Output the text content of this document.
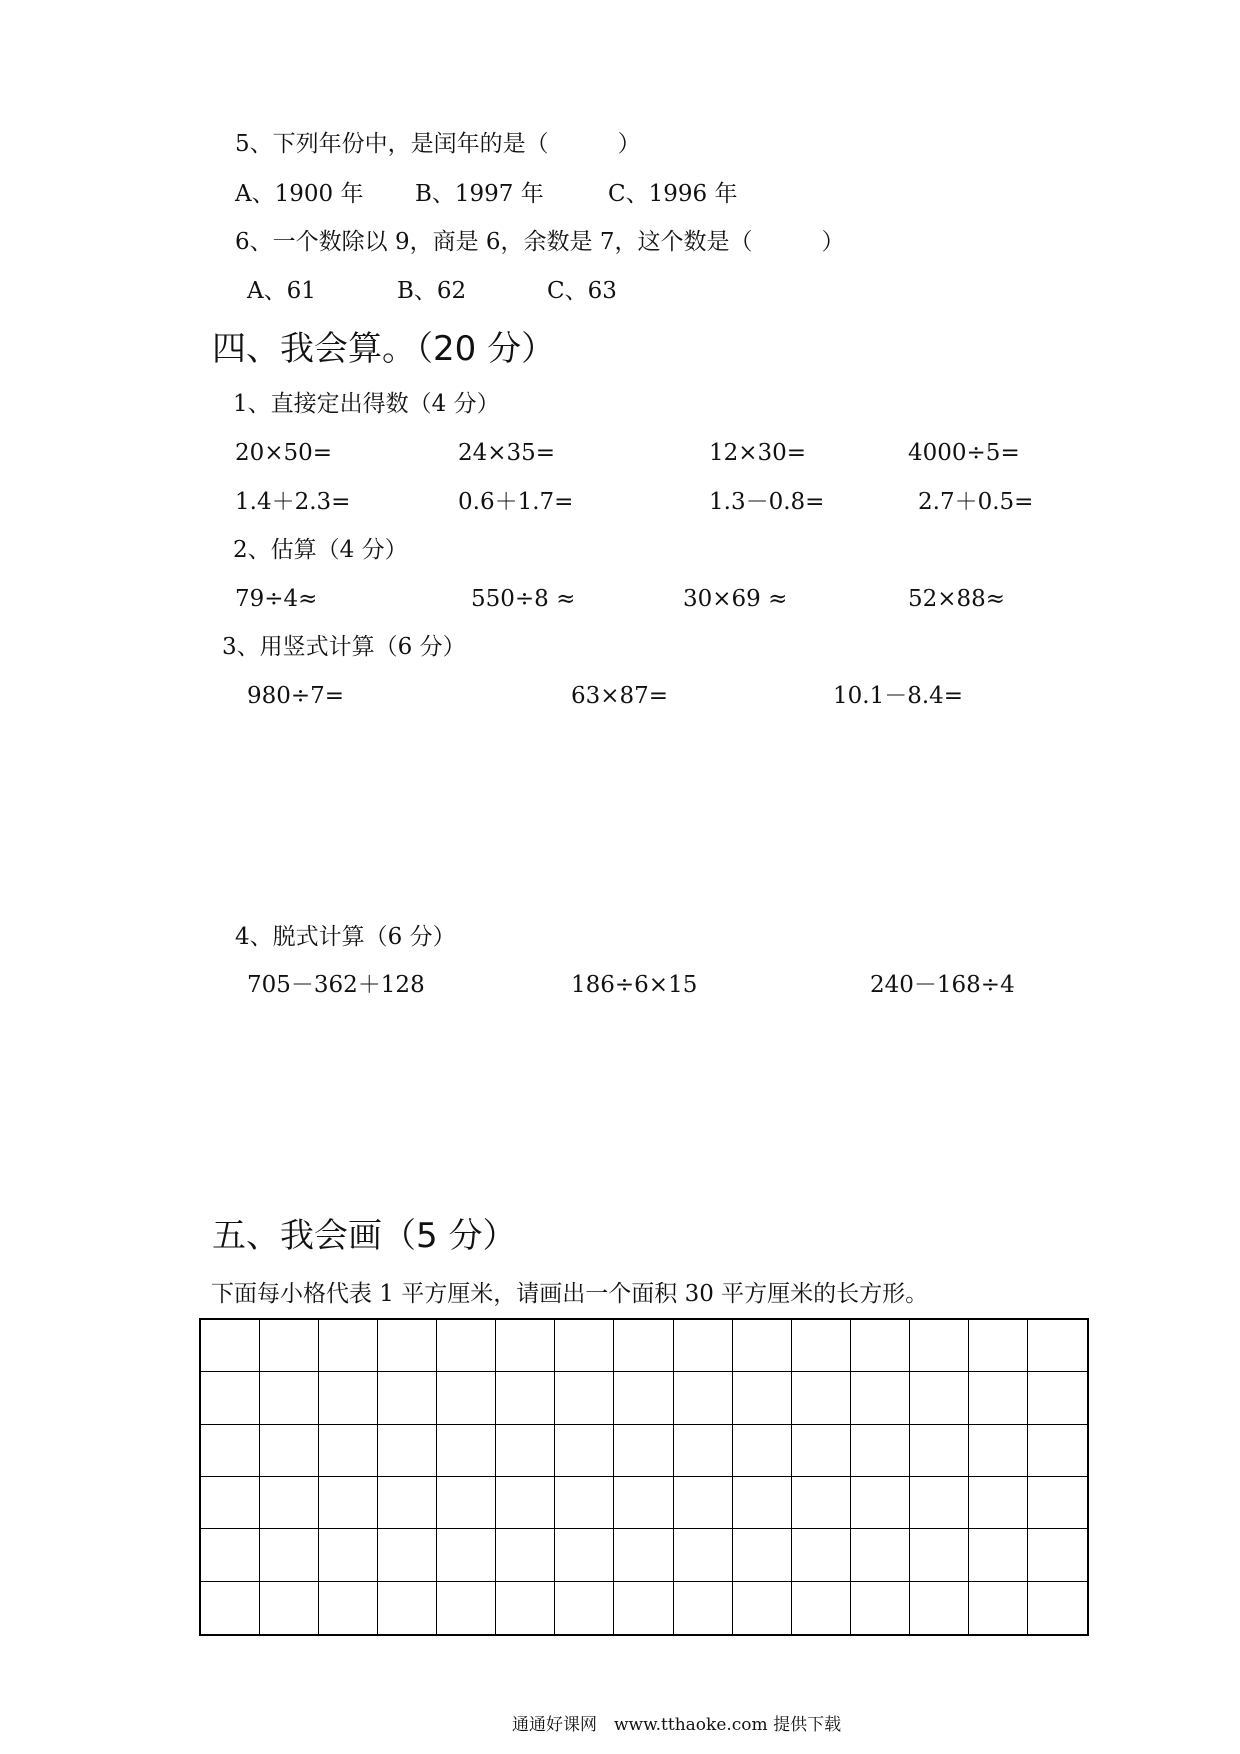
5、下列年份中，是闰年的是（　　　）
A、1900 年 B、1997 年	C、1996 年
6、一个数除以 9，商是 6，余数是 7，这个数是（　　　）
A、61	B、62	C、63
四、我会算。（20 分）
1、直接定出得数（4 分）
20×50=	24×35=	12×30=	4000÷5=
1.4＋2.3=	0.6＋1.7=	1.3－0.8=	2.7＋0.5=
2、估算（4 分）
79÷4≈	550÷8 ≈	30×69 ≈	52×88≈
3、用竖式计算（6 分）
980÷7=	63×87=	10.1－8.4=
4、脱式计算（6 分）
705－362＋128	186÷6×15	240－168÷4
五、我会画（5 分）
下面每小格代表 1 平方厘米，请画出一个面积 30 平方厘米的长方形。
通通好课网　www.tthaoke.com 提供下载
